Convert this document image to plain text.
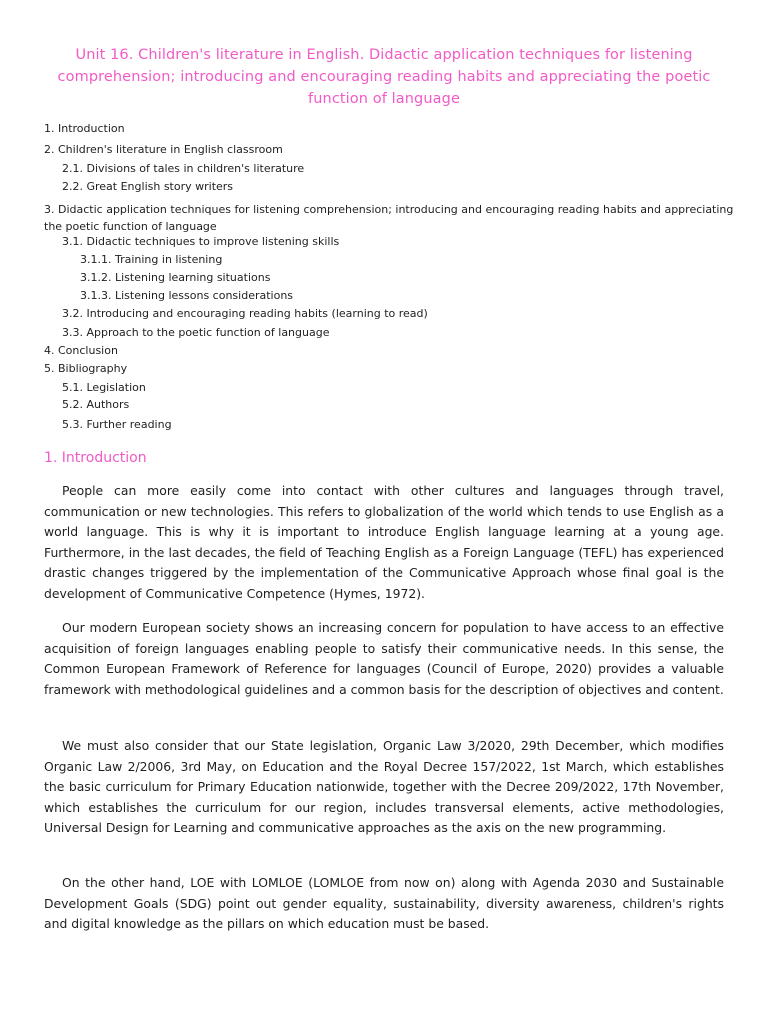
Unit 16. Children's literature in English. Didactic application techniques for listening comprehension; introducing and encouraging reading habits and appreciating the poetic function of language
1. Introduction
2. Children's literature in English classroom
2.1. Divisions of tales in children's literature
2.2. Great English story writers
3. Didactic application techniques for listening comprehension; introducing and encouraging reading habits and appreciating the poetic function of language
3.1. Didactic techniques to improve listening skills
3.1.1. Training in listening
3.1.2. Listening learning situations
3.1.3. Listening lessons considerations
3.2. Introducing and encouraging reading habits (learning to read)
3.3. Approach to the poetic function of language
4. Conclusion
5. Bibliography
5.1. Legislation
5.2. Authors
5.3. Further reading
1. Introduction

People can more easily come into contact with other cultures and languages through travel, communication or new technologies. This refers to globalization of the world which tends to use English as a world language. This is why it is important to introduce English language learning at a young age. Furthermore, in the last decades, the field of Teaching English as a Foreign Language (TEFL) has experienced drastic changes triggered by the implementation of the Communicative Approach whose final goal is the development of Communicative Competence (Hymes, 1972).

Our modern European society shows an increasing concern for population to have access to an effective acquisition of foreign languages enabling people to satisfy their communicative needs. In this sense, the Common European Framework of Reference for languages (Council of Europe, 2020) provides a valuable framework with methodological guidelines and a common basis for the description of objectives and content.

We must also consider that our State legislation, Organic Law 3/2020, 29th December, which modifies Organic Law 2/2006, 3rd May, on Education and the Royal Decree 157/2022, 1st March, which establishes the basic curriculum for Primary Education nationwide, together with the Decree 209/2022, 17th November, which establishes the curriculum for our region, includes transversal elements, active methodologies, Universal Design for Learning and communicative approaches as the axis on the new programming.

On the other hand, LOE with LOMLOE (LOMLOE from now on) along with Agenda 2030 and Sustainable Development Goals (SDG) point out gender equality, sustainability, diversity awareness, children's rights and digital knowledge as the pillars on which education must be based.
